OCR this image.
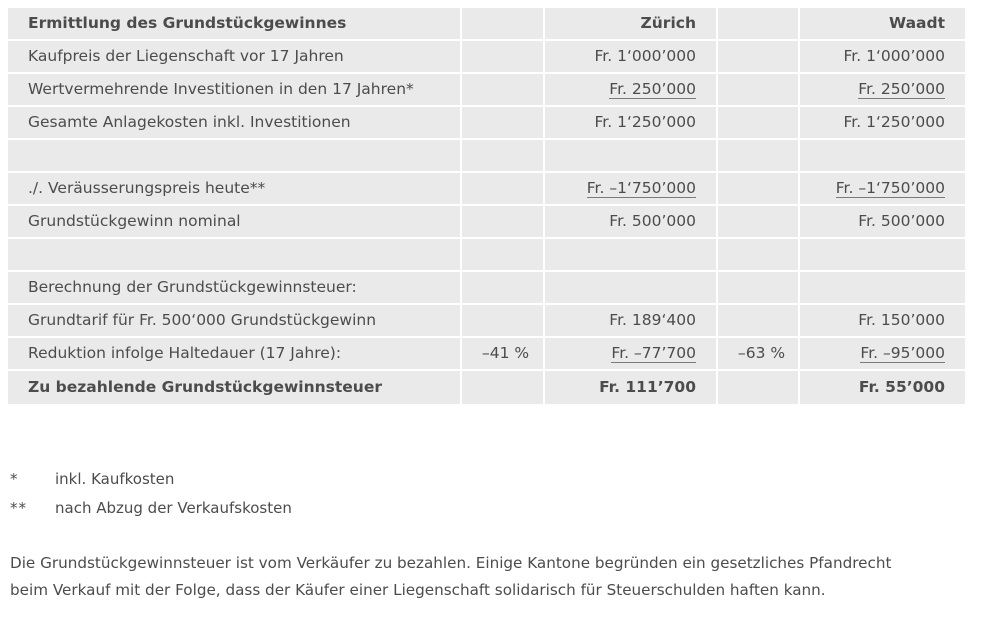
Ermittlung des Grundstückgewinnes		Zürich		Waadt
Kaufpreis der Liegenschaft vor 17 Jahren		Fr. 1‘000’000		Fr. 1‘000’000
Wertvermehrende Investitionen in den 17 Jahren*		Fr. 250’000		Fr. 250’000
Gesamte Anlagekosten inkl. Investitionen		Fr. 1‘250’000		Fr. 1‘250’000

./. Veräusserungspreis heute**		Fr. –1‘750’000		Fr. –1‘750’000
Grundstückgewinn nominal		Fr. 500’000		Fr. 500’000

Berechnung der Grundstückgewinnsteuer:				
Grundtarif für Fr. 500‘000 Grundstückgewinn		Fr. 189‘400		Fr. 150’000
Reduktion infolge Haltedauer (17 Jahre):	–41 %	Fr. –77’700	–63 %	Fr. –95’000
Zu bezahlende Grundstückgewinnsteuer		Fr. 111’700		Fr. 55’000
*	inkl. Kaufkosten
**	nach Abzug der Verkaufskosten

Die Grundstückgewinnsteuer ist vom Verkäufer zu bezahlen. Einige Kantone begründen ein gesetzliches Pfandrecht

beim Verkauf mit der Folge, dass der Käufer einer Liegenschaft solidarisch für Steuerschulden haften kann.
